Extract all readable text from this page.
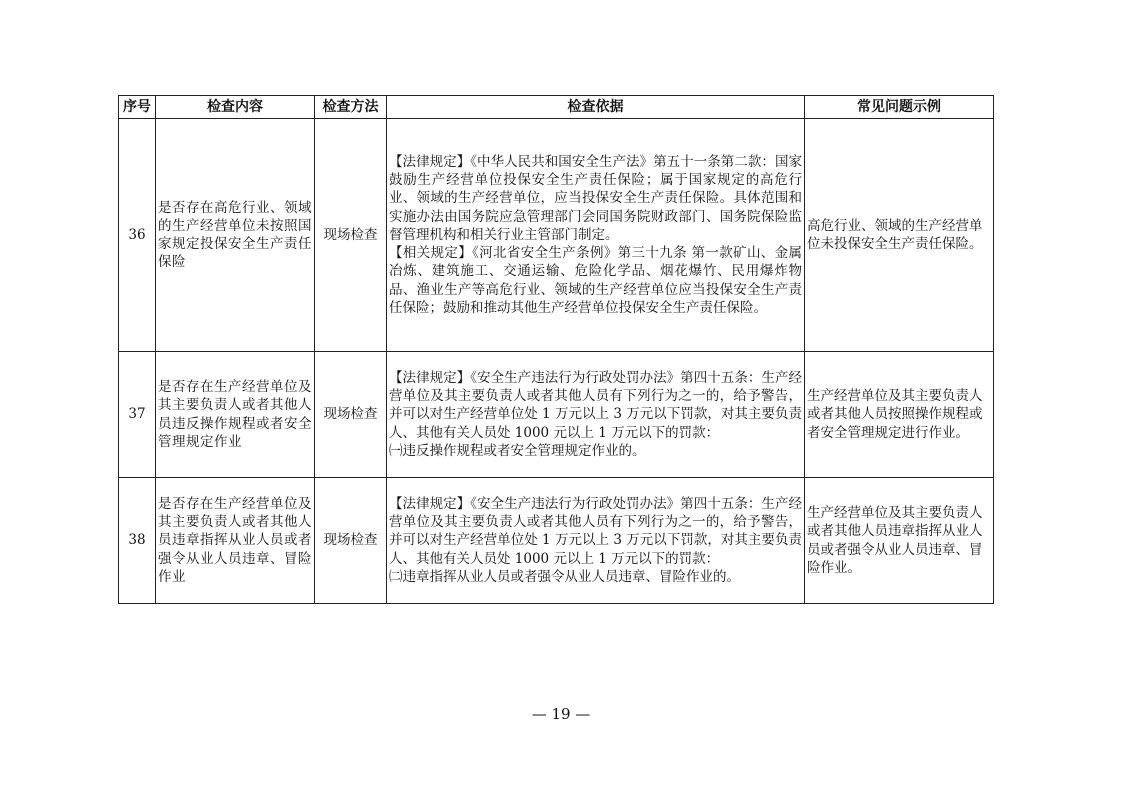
序号	检查内容	检查方法	检查依据	常见问题示例
36	是否存在高危行业、领域的生产经营单位未按照国家规定投保安全生产责任保险	现场检查	【法律规定】《中华人民共和国安全生产法》第五十一条第二款：国家鼓励生产经营单位投保安全生产责任保险；属于国家规定的高危行业、领域的生产经营单位，应当投保安全生产责任保险。具体范围和实施办法由国务院应急管理部门会同国务院财政部门、国务院保险监督管理机构和相关行业主管部门制定。
【相关规定】《河北省安全生产条例》第三十九条 第一款矿山、金属冶炼、建筑施工、交通运输、危险化学品、烟花爆竹、民用爆炸物品、渔业生产等高危行业、领域的生产经营单位应当投保安全生产责任保险；鼓励和推动其他生产经营单位投保安全生产责任保险。	高危行业、领域的生产经营单位未投保安全生产责任保险。
37	是否存在生产经营单位及其主要负责人或者其他人员违反操作规程或者安全管理规定作业	现场检查	【法律规定】《安全生产违法行为行政处罚办法》第四十五条：生产经营单位及其主要负责人或者其他人员有下列行为之一的，给予警告，并可以对生产经营单位处 1 万元以上 3 万元以下罚款，对其主要负责人、其他有关人员处 1000 元以上 1 万元以下的罚款：
㈠违反操作规程或者安全管理规定作业的。	生产经营单位及其主要负责人或者其他人员按照操作规程或者安全管理规定进行作业。
38	是否存在生产经营单位及其主要负责人或者其他人员违章指挥从业人员或者强令从业人员违章、冒险作业	现场检查	【法律规定】《安全生产违法行为行政处罚办法》第四十五条：生产经营单位及其主要负责人或者其他人员有下列行为之一的，给予警告，并可以对生产经营单位处 1 万元以上 3 万元以下罚款，对其主要负责人、其他有关人员处 1000 元以上 1 万元以下的罚款：
㈡违章指挥从业人员或者强令从业人员违章、冒险作业的。	生产经营单位及其主要负责人或者其他人员违章指挥从业人员或者强令从业人员违章、冒险作业。
— 19 —
